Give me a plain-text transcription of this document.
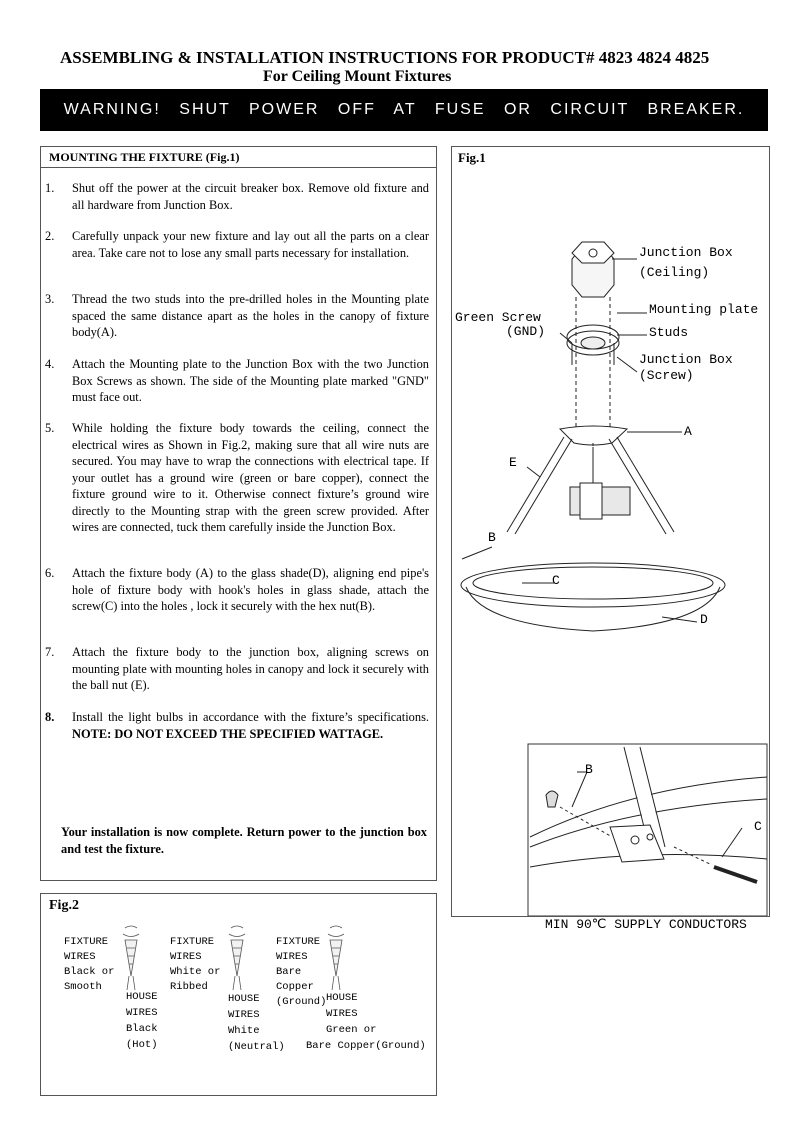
ASSEMBLING & INSTALLATION INSTRUCTIONS FOR PRODUCT# 4823 4824 4825
For Ceiling Mount Fixtures
WARNING! SHUT POWER OFF AT FUSE OR CIRCUIT BREAKER.
MOUNTING THE FIXTURE (Fig.1)
1. Shut off the power at the circuit breaker box. Remove old fixture and all hardware from Junction Box.
2. Carefully unpack your new fixture and lay out all the parts on a clear area. Take care not to lose any small parts necessary for installation.
3. Thread the two studs into the pre-drilled holes in the Mounting plate spaced the same distance apart as the holes in the canopy of fixture body(A).
4. Attach the Mounting plate to the Junction Box with the two Junction Box Screws as shown. The side of the Mounting plate marked "GND" must face out.
5. While holding the fixture body towards the ceiling, connect the electrical wires as Shown in Fig.2, making sure that all wire nuts are secured. You may have to wrap the connections with electrical tape. If your outlet has a ground wire (green or bare copper), connect the fixture ground wire to it. Otherwise connect fixture’s ground wire directly to the Mounting strap with the green screw provided. After wires are connected, tuck them carefully inside the Junction Box.
6. Attach the fixture body (A) to the glass shade(D), aligning end pipe's hole of fixture body with hook's holes in glass shade, attach the screw(C) into the holes , lock it securely with the hex nut(B).
7. Attach the fixture body to the junction box, aligning screws on mounting plate with mounting holes in canopy and lock it securely with the ball nut (E).
8. Install the light bulbs in accordance with the fixture’s specifications. NOTE: DO NOT EXCEED THE SPECIFIED WATTAGE.
Your installation is now complete. Return power to the junction box and test the fixture.
Fig.1
Junction Box
(Ceiling)
Mounting plate
Green Screw
(GND)	Studs
Junction Box
(Screw)
A
E
B
C
D
B
C
MIN 90℃ SUPPLY CONDUCTORS
Fig.2
FIXTURE
WIRES
Black or
Smooth
HOUSE
WIRES
Black
(Hot)
FIXTURE
WIRES
White or
Ribbed
HOUSE
WIRES
White
(Neutral)
FIXTURE
WIRES
Bare
Copper
(Ground) HOUSE
WIRES
Green or
Bare Copper(Ground)
